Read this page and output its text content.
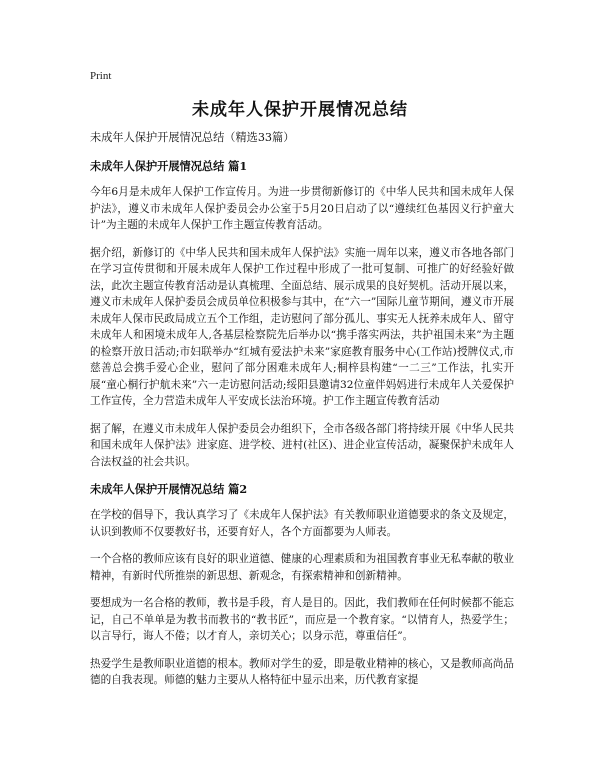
Print
未成年人保护开展情况总结

未成年人保护开展情况总结（精选33篇）

未成年人保护开展情况总结 篇1

今年6月是未成年人保护工作宣传月。为进一步贯彻新修订的《中华人民共和国未成年人保护法》，遵义市未成年人保护委员会办公室于5月20日启动了以“遵续红色基因义行护童大计”为主题的未成年人保护工作主题宣传教育活动。

据介绍，新修订的《中华人民共和国未成年人保护法》实施一周年以来，遵义市各地各部门在学习宣传贯彻和开展未成年人保护工作过程中形成了一批可复制、可推广的好经验好做法，此次主题宣传教育活动是认真梳理、全面总结、展示成果的良好契机。活动开展以来，遵义市未成年人保护委员会成员单位积极参与其中，在“六一”国际儿童节期间，遵义市开展未成年人保市民政局成立五个工作组，走访慰问了部分孤儿、事实无人抚养未成年人、留守未成年人和困境未成年人,各基层检察院先后举办以“携手落实两法，共护祖国未来”为主题的检察开放日活动;市妇联举办“红城有爱法护未来”家庭教育服务中心(工作站)授牌仪式,市慈善总会携手爱心企业，慰问了部分困难未成年人;桐梓县构建“一二三”工作法，扎实开展“童心桐行护航未来”六一走访慰问活动;绥阳县邀请32位童伴妈妈进行未成年人关爱保护工作宣传，全力营造未成年人平安成长法治环境。护工作主题宣传教育活动

据了解，在遵义市未成年人保护委员会办组织下，全市各级各部门将持续开展《中华人民共和国未成年人保护法》进家庭、进学校、进村(社区)、进企业宣传活动，凝聚保护未成年人合法权益的社会共识。

未成年人保护开展情况总结 篇2

在学校的倡导下，我认真学习了《未成年人保护法》有关教师职业道德要求的条文及规定，认识到教师不仅要教好书，还要育好人，各个方面都要为人师表。

一个合格的教师应该有良好的职业道德、健康的心理素质和为祖国教育事业无私奉献的敬业精神，有新时代所推崇的新思想、新观念，有探索精神和创新精神。

要想成为一名合格的教师，教书是手段，育人是目的。因此，我们教师在任何时候都不能忘记，自己不单单是为教书而教书的“教书匠”，而应是一个教育家。“以情育人，热爱学生；以言导行，诲人不倦；以才育人，亲切关心；以身示范，尊重信任”。

热爱学生是教师职业道德的根本。教师对学生的爱，即是敬业精神的核心，又是教师高尚品德的自我表现。师德的魅力主要从人格特征中显示出来，历代教育家提
